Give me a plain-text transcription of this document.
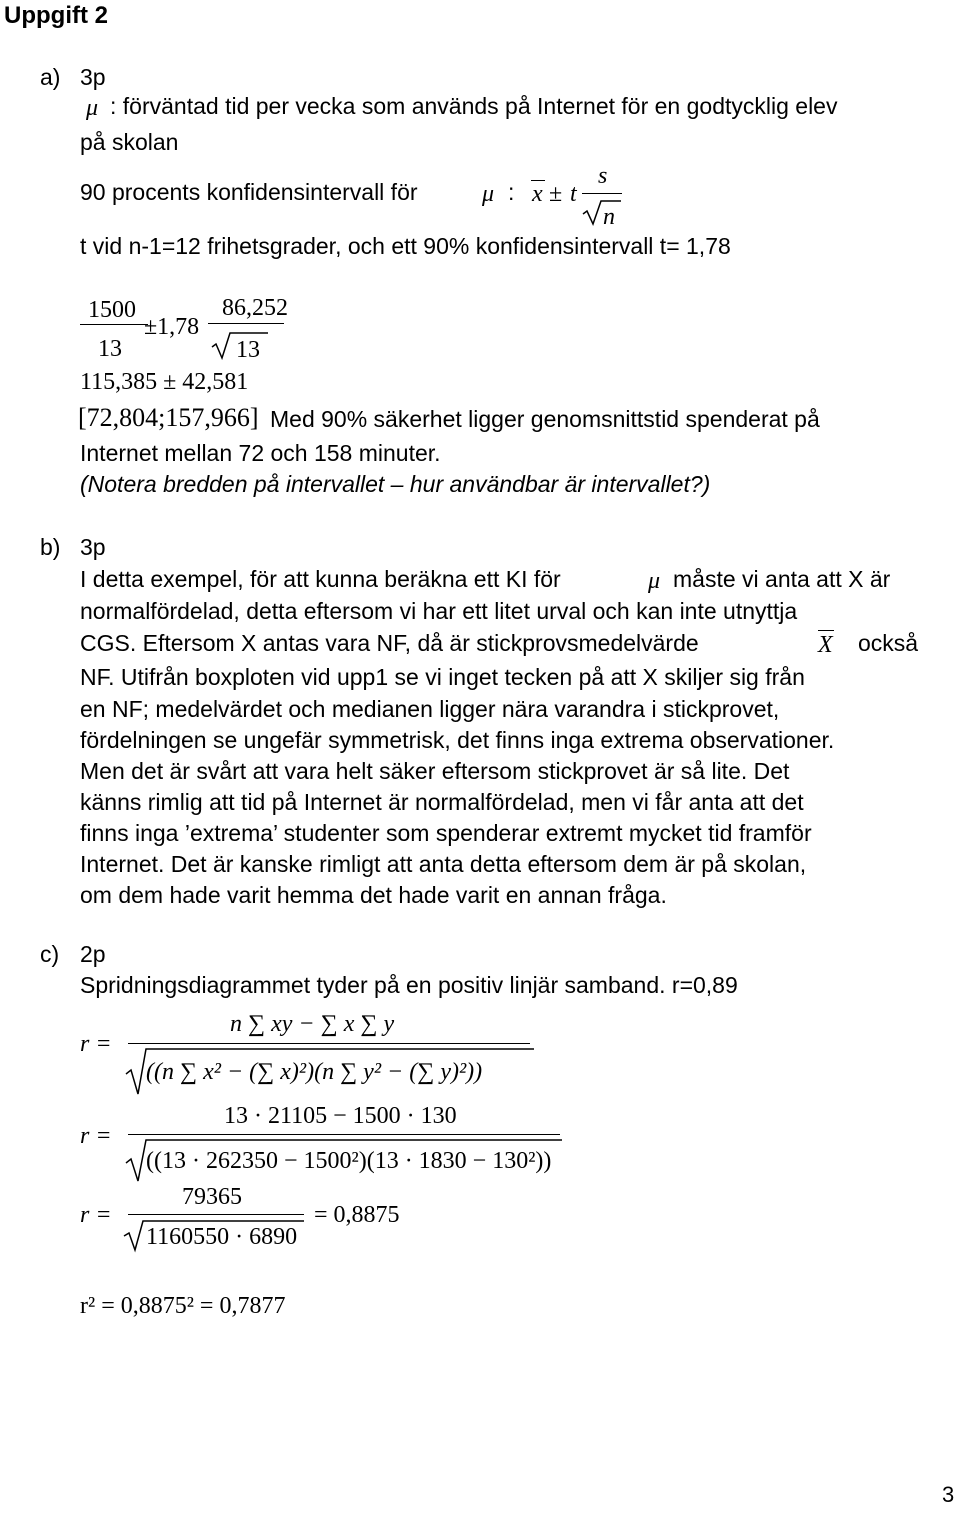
Uppgift 2
a) 3p
μ : förväntad tid per vecka som används på Internet för en godtycklig elev
på skolan
90 procents konfidensintervall för	μ : x ± t
s
n
t vid n-1=12 frihetsgrader, och ett 90% konfidensintervall t= 1,78
1500
13
±1,78
86,252
13
115,385 ± 42,581
[72,804;157,966] Med 90% säkerhet ligger genomsnittstid spenderat på
Internet mellan 72 och 158 minuter.
(Notera bredden på intervallet – hur användbar är intervallet?)
b) 3p
I detta exempel, för att kunna beräkna ett KI för	μ måste vi anta att X är
normalfördelad, detta eftersom vi har ett litet urval och kan inte utnyttja
CGS. Eftersom X antas vara NF, då är stickprovsmedelvärde	X också
NF. Utifrån boxploten vid upp1 se vi inget tecken på att X skiljer sig från
en NF; medelvärdet och medianen ligger nära varandra i stickprovet,
fördelningen se ungefär symmetrisk, det finns inga extrema observationer.
Men det är svårt att vara helt säker eftersom stickprovet är så lite. Det
känns rimlig att tid på Internet är normalfördelad, men vi får anta att det
finns inga ’extrema’ studenter som spenderar extremt mycket tid framför
Internet. Det är kanske rimligt att anta detta eftersom dem är på skolan,
om dem hade varit hemma det hade varit en annan fråga.
c) 2p
Spridningsdiagrammet tyder på en positiv linjär samband. r=0,89
r =
n ∑ xy − ∑ x ∑ y
((n ∑ x² − (∑ x)²)(n ∑ y² − (∑ y)²))
r =
13 · 21105 − 1500 · 130
((13 · 262350 − 1500²)(13 · 1830 − 130²))
r =
79365
1160550 · 6890
= 0,8875
r² = 0,8875² = 0,7877
3
